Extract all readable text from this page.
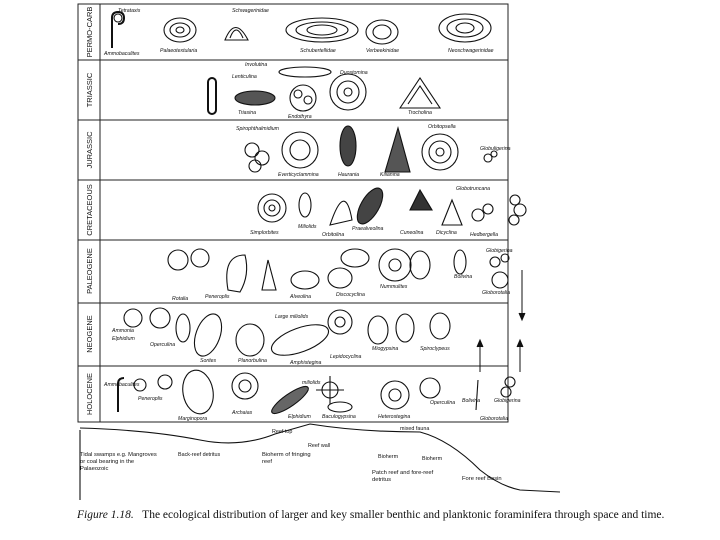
PERMO-CARB
TRIASSIC
JURASSIC
CRETACEOUS
PALEOGENE
NEOGENE
HOLOCENE
Tetrataxis
Ammobaculites	Palaeotextularia
Schwagerinidae
Schubertellidae	Verbeekinidae	Neoschwagerinidae
Involutina
Lenticulina
Triasina
Endothyra
Trocholina
Duostomina
Spirophthalmidium
Everticyclammina	Haurania	Kilianina
Orbitopsella
Globuligerina
Simplorbites
Miliolids
Orbitolina
Praealveolina
Cuneolina Dicyclina
Globotruncana
Hedbergella
Rotalia	Peneroplis	Discocyclina
Nummulites
Alveolina
Bolivina
Globigerina
Globorotalia
Ammonia
Elphidium
Sorites	Planorbulina	Amphistegina
Lepidocyclina
Miogypsina	Spiroclypeus
Large miliolids
Operculina
Ammobaculites
Peneroplis
Marginopora
Archaias
Elphidium Baculogypsina	Heterostegina
Operculina Bolivina	Globigerina
Globorotalia
miliolids
Reef top	mixed fauna
Reef wall
Tidal swamps e.g. Mangroves or coal bearing in the Palaeozoic
Back-reef detritus	Bioherm of fringing reef
Patch reef and fore-reef detritus
Bioherm	Bioherm
Fore reef Basin
Figure 1.18. The ecological distribution of larger and key smaller benthic and planktonic foraminifera through space and time.
